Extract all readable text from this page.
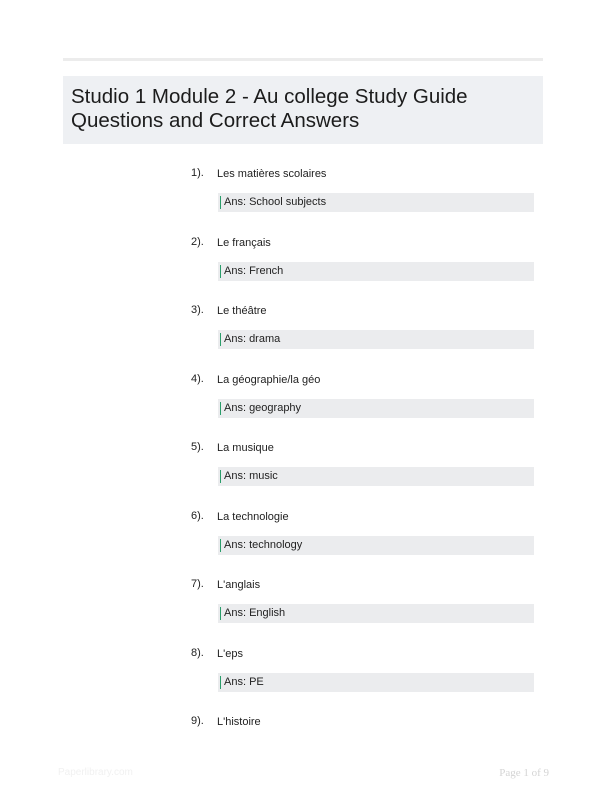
Studio 1 Module 2 - Au college Study Guide
Questions and Correct Answers
1). Les matières scolaires
Ans: School subjects
2). Le français
Ans: French
3). Le théâtre
Ans: drama
4). La géographie/la géo
Ans: geography
5). La musique
Ans: music
6). La technologie
Ans: technology
7). L'anglais
Ans: English
8). L'eps
Ans: PE
9). L'histoire
Paperlibrary.com	Page 1 of 9
